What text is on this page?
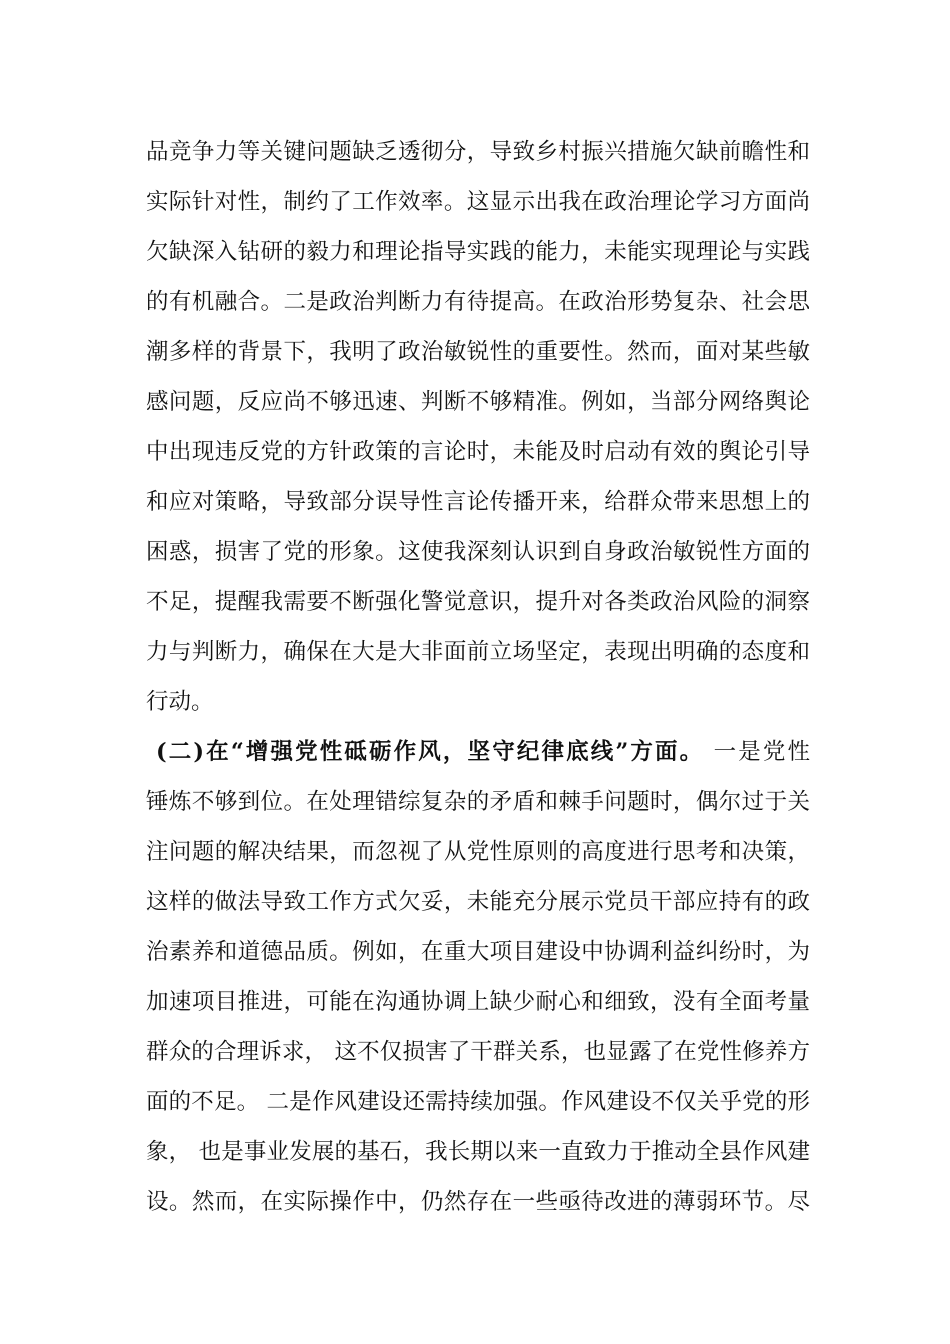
品竞争力等关键问题缺乏透彻分，导致乡村振兴措施欠缺前瞻性和
实际针对性，制约了工作效率。这显示出我在政治理论学习方面尚
欠缺深入钻研的毅力和理论指导实践的能力，未能实现理论与实践
的有机融合。二是政治判断力有待提高。在政治形势复杂、社会思
潮多样的背景下，我明了政治敏锐性的重要性。然而，面对某些敏
感问题，反应尚不够迅速、判断不够精准。例如，当部分网络舆论
中出现违反党的方针政策的言论时，未能及时启动有效的舆论引导
和应对策略，导致部分误导性言论传播开来，给群众带来思想上的
困惑，损害了党的形象。这使我深刻认识到自身政治敏锐性方面的
不足，提醒我需要不断强化警觉意识，提升对各类政治风险的洞察
力与判断力，确保在大是大非面前立场坚定，表现出明确的态度和
行动。
(二)在“增强党性砥砺作风，坚守纪律底线”方面。 一是党性
锤炼不够到位。在处理错综复杂的矛盾和棘手问题时，偶尔过于关
注问题的解决结果，而忽视了从党性原则的高度进行思考和决策，
这样的做法导致工作方式欠妥，未能充分展示党员干部应持有的政
治素养和道德品质。例如，在重大项目建设中协调利益纠纷时，为
加速项目推进，可能在沟通协调上缺少耐心和细致，没有全面考量
群众的合理诉求， 这不仅损害了干群关系，也显露了在党性修养方
面的不足。 二是作风建设还需持续加强。作风建设不仅关乎党的形
象， 也是事业发展的基石，我长期以来一直致力于推动全县作风建
设。然而，在实际操作中，仍然存在一些亟待改进的薄弱环节。尽
